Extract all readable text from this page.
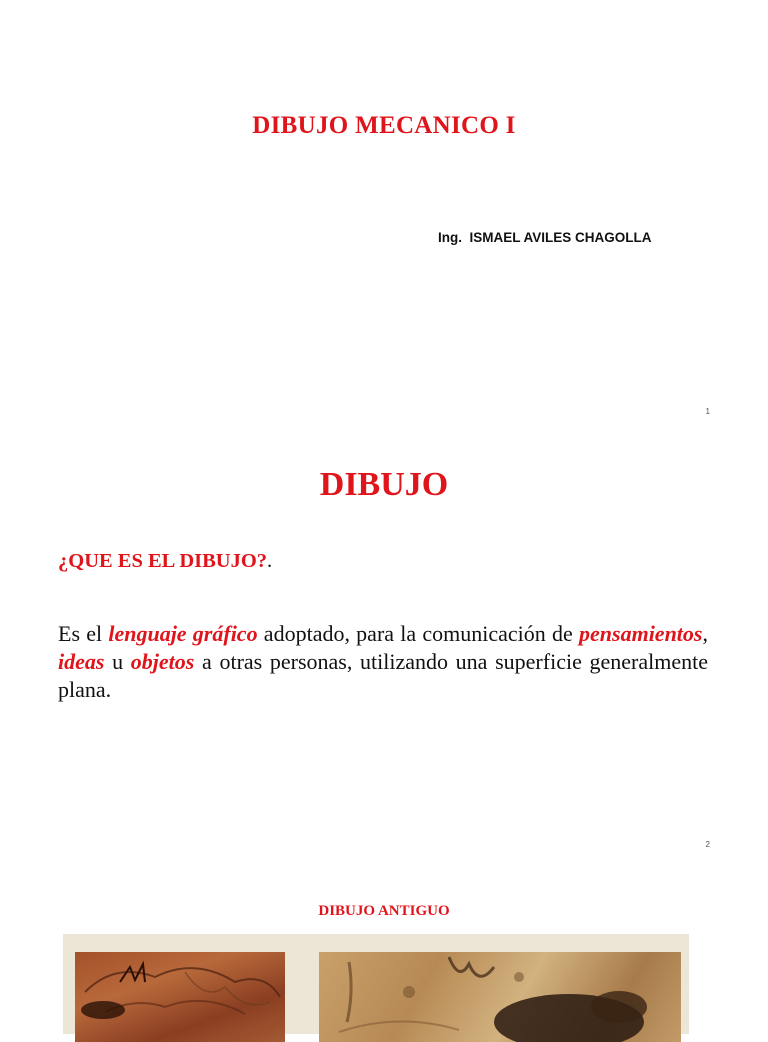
DIBUJO MECANICO I
Ing.  ISMAEL AVILES CHAGOLLA
1
DIBUJO
¿QUE ES EL DIBUJO?.
Es el lenguaje gráfico adoptado, para la comunicación de pensamientos, ideas u objetos a otras personas, utilizando una superficie generalmente plana.
2
DIBUJO ANTIGUO
